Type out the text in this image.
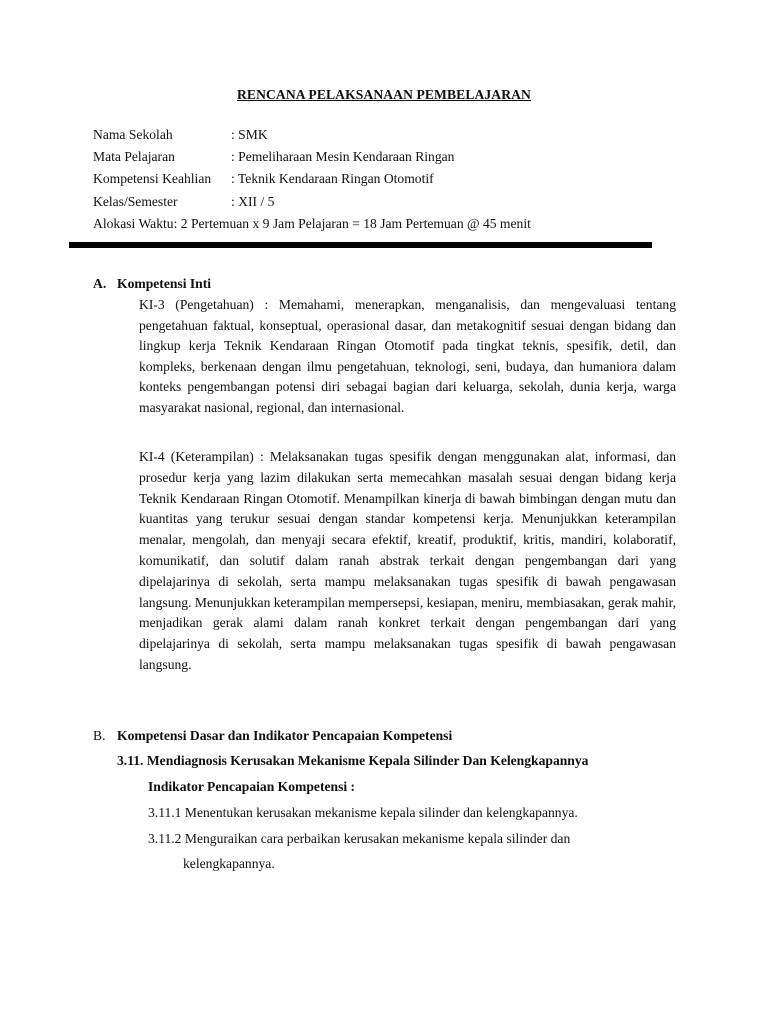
RENCANA PELAKSANAAN PEMBELAJARAN
Nama Sekolah	: SMK
Mata Pelajaran	: Pemeliharaan Mesin Kendaraan Ringan
Kompetensi Keahlian : Teknik Kendaraan Ringan Otomotif
Kelas/Semester	: XII / 5
Alokasi Waktu: 2 Pertemuan x 9 Jam Pelajaran = 18 Jam Pertemuan @ 45 menit
A. Kompetensi Inti
KI-3 (Pengetahuan) : Memahami, menerapkan, menganalisis, dan mengevaluasi tentang pengetahuan faktual, konseptual, operasional dasar, dan metakognitif sesuai dengan bidang dan lingkup kerja Teknik Kendaraan Ringan Otomotif pada tingkat teknis, spesifik, detil, dan kompleks, berkenaan dengan ilmu pengetahuan, teknologi, seni, budaya, dan humaniora dalam konteks pengembangan potensi diri sebagai bagian dari keluarga, sekolah, dunia kerja, warga masyarakat nasional, regional, dan internasional.
KI-4 (Keterampilan) : Melaksanakan tugas spesifik dengan menggunakan alat, informasi, dan prosedur kerja yang lazim dilakukan serta memecahkan masalah sesuai dengan bidang kerja Teknik Kendaraan Ringan Otomotif. Menampilkan kinerja di bawah bimbingan dengan mutu dan kuantitas yang terukur sesuai dengan standar kompetensi kerja. Menunjukkan keterampilan menalar, mengolah, dan menyaji secara efektif, kreatif, produktif, kritis, mandiri, kolaboratif, komunikatif, dan solutif dalam ranah abstrak terkait dengan pengembangan dari yang dipelajarinya di sekolah, serta mampu melaksanakan tugas spesifik di bawah pengawasan langsung. Menunjukkan keterampilan mempersepsi, kesiapan, meniru, membiasakan, gerak mahir, menjadikan gerak alami dalam ranah konkret terkait dengan pengembangan dari yang dipelajarinya di sekolah, serta mampu melaksanakan tugas spesifik di bawah pengawasan langsung.
B. Kompetensi Dasar dan Indikator Pencapaian Kompetensi
3.11. Mendiagnosis Kerusakan Mekanisme Kepala Silinder Dan Kelengkapannya
Indikator Pencapaian Kompetensi :
3.11.1 Menentukan kerusakan mekanisme kepala silinder dan kelengkapannya.
3.11.2 Menguraikan cara perbaikan kerusakan mekanisme kepala silinder dan
kelengkapannya.
